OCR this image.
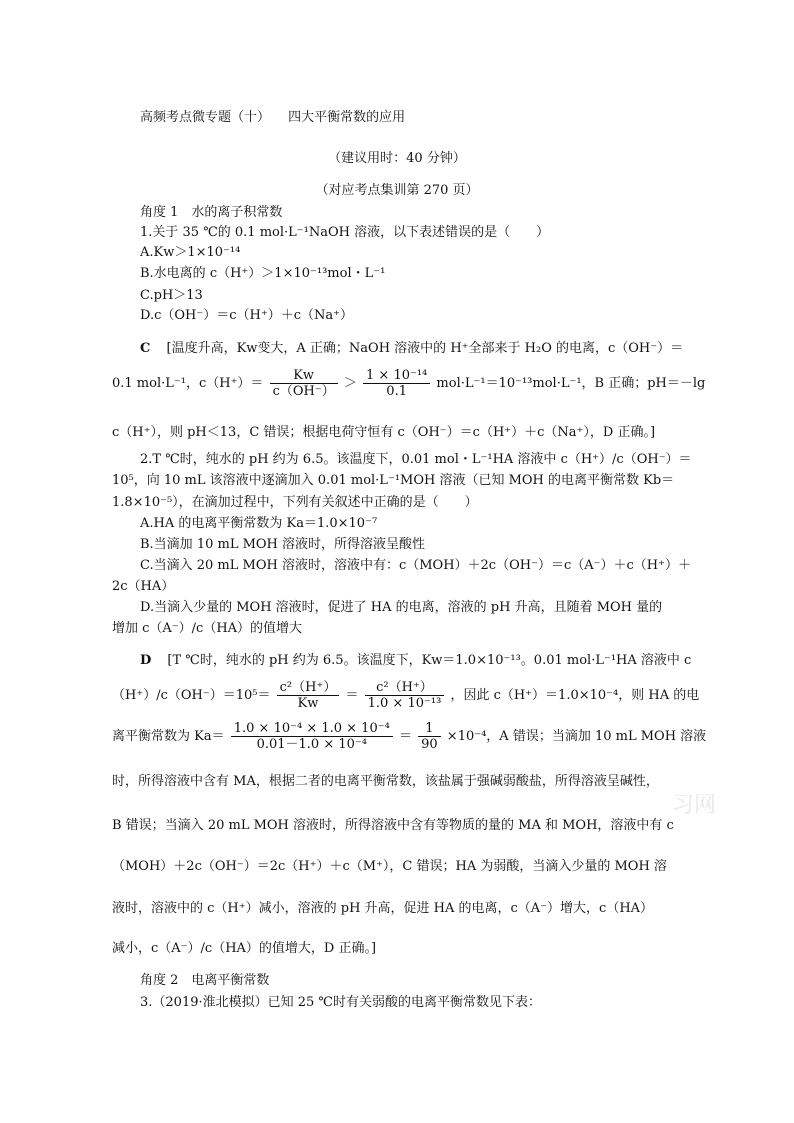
高频考点微专题（十） 四大平衡常数的应用
（建议用时：40 分钟）
（对应考点集训第 270 页）
角度 1　水的离子积常数
1.关于 35 ℃的 0.1 mol·L⁻¹NaOH 溶液，以下表述错误的是（　　）
A.Kw＞1×10⁻¹⁴
B.水电离的 c（H⁺）＞1×10⁻¹³mol・L⁻¹
C.pH＞13
D.c（OH⁻）＝c（H⁺）＋c（Na⁺）
C [温度升高，Kw变大，A 正确；NaOH 溶液中的 H⁺全部来于 H₂O 的电离，c（OH⁻）＝
0.1 mol·L⁻¹，$c(H^+)= \frac{Kw}{c(OH^-)} > \frac{\text{1 × 10⁻¹⁴}}{0.1} mol\cdot L^{-1}=10^{-13}mol\cdot L^{-1}$，B 正确；pH＝－lg
c（H⁺），则 pH＜13，C 错误；根据电荷守恒有 c（OH⁻）＝c（H⁺）＋c（Na⁺），D 正确。]
2.T ℃时，纯水的 pH 约为 6.5。该温度下，0.01 mol・L⁻¹HA 溶液中 c（H⁺）/c（OH⁻）＝
10⁵，向 10 mL 该溶液中逐滴加入 0.01 mol·L⁻¹MOH 溶液（已知 MOH 的电离平衡常数 Kb＝
1.8×10⁻⁵），在滴加过程中，下列有关叙述中正确的是（　　）
A.HA 的电离平衡常数为 Ka＝1.0×10⁻⁷
B.当滴加 10 mL MOH 溶液时，所得溶液呈酸性
C.当滴入 20 mL MOH 溶液时，溶液中有：c（MOH）＋2c（OH⁻）＝c（A⁻）＋c（H⁺）＋
2c（HA）
D.当滴入少量的 MOH 溶液时，促进了 HA 的电离，溶液的 pH 升高，且随着 MOH 量的
增加 c（A⁻）/c（HA）的值增大
D [T ℃时，纯水的 pH 约为 6.5。该温度下，Kw＝1.0×10⁻¹³。0.01 mol·L⁻¹HA 溶液中 c
$(H^+)/c(OH^-)=10^5= \frac{\text{c²（H⁺）}}{Kw} = \frac{\text{c²（H⁺）}}{\text{1.0 × 10⁻¹³}}$ ，因此 c（H⁺）＝1.0×10⁻⁴，则 HA 的电
离平衡常数为 $Ka= \frac{\text{1.0 × 10⁻⁴ × 1.0 × 10⁻⁴}}{\text{0.01－1.0 × 10⁻⁴}} = \frac{1}{90} \times 10^{-4}$，A 错误；当滴加 10 mL MOH 溶液
时，所得溶液中含有 MA，根据二者的电离平衡常数，该盐属于强碱弱酸盐，所得溶液呈碱性，
B 错误；当滴入 20 mL MOH 溶液时，所得溶液中含有等物质的量的 MA 和 MOH，溶液中有 c
（MOH）＋2c（OH⁻）＝2c（H⁺）＋c（M⁺），C 错误；HA 为弱酸，当滴入少量的 MOH 溶
液时，溶液中的 c（H⁺）减小，溶液的 pH 升高，促进 HA 的电离，c（A⁻）增大，c（HA）
减小，c（A⁻）/c（HA）的值增大，D 正确。]
角度 2　电离平衡常数
3.（2019·淮北模拟）已知 25 ℃时有关弱酸的电离平衡常数见下表：
习网
